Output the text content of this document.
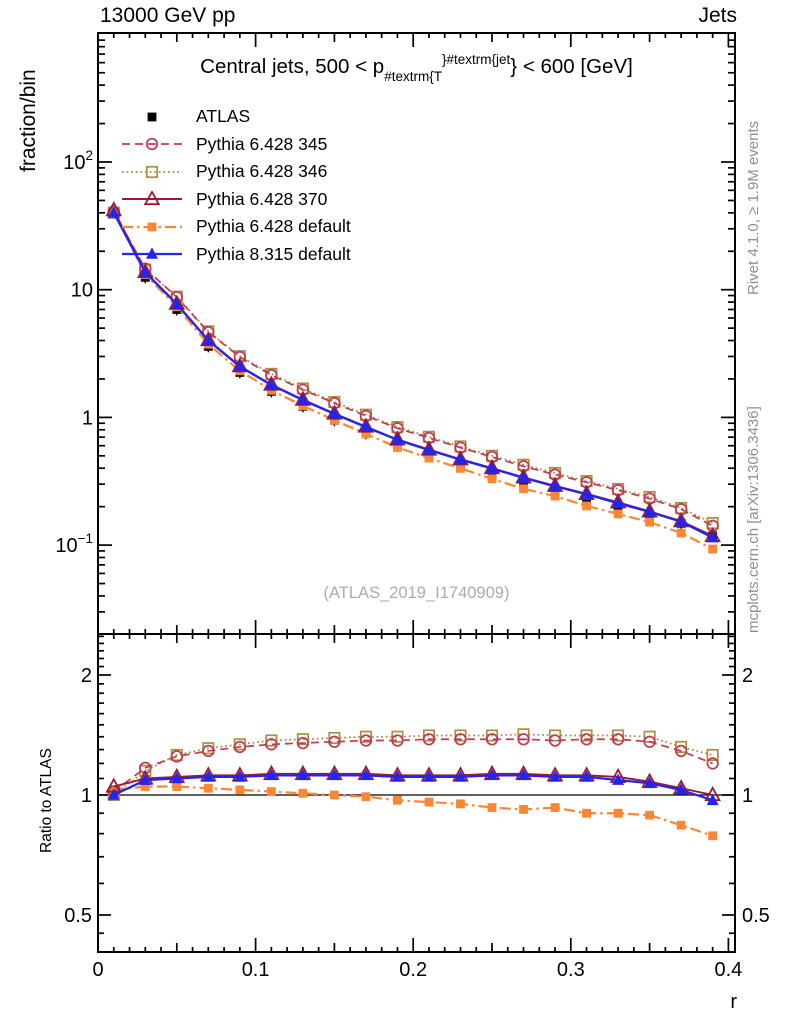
0	0.1	0.2	0.3	0.4
r
$10^2$
10
1
$10^{-1}$
2	2
1	1
0.5	0.5
13000 GeV pp	Jets
Central jets, $500 < p_{\#textrm\{T}^{\}\#textrm\{jet}\} < 600$ [GeV]
ATLAS
Pythia 6.428 345
Pythia 6.428 346
Pythia 6.428 370
Pythia 6.428 default
Pythia 8.315 default
fraction/bin
Ratio to ATLAS
Rivet 4.1.0, ≥ 1.9M events
mcplots.cern.ch [arXiv:1306.3436]
(ATLAS_2019_I1740909)
